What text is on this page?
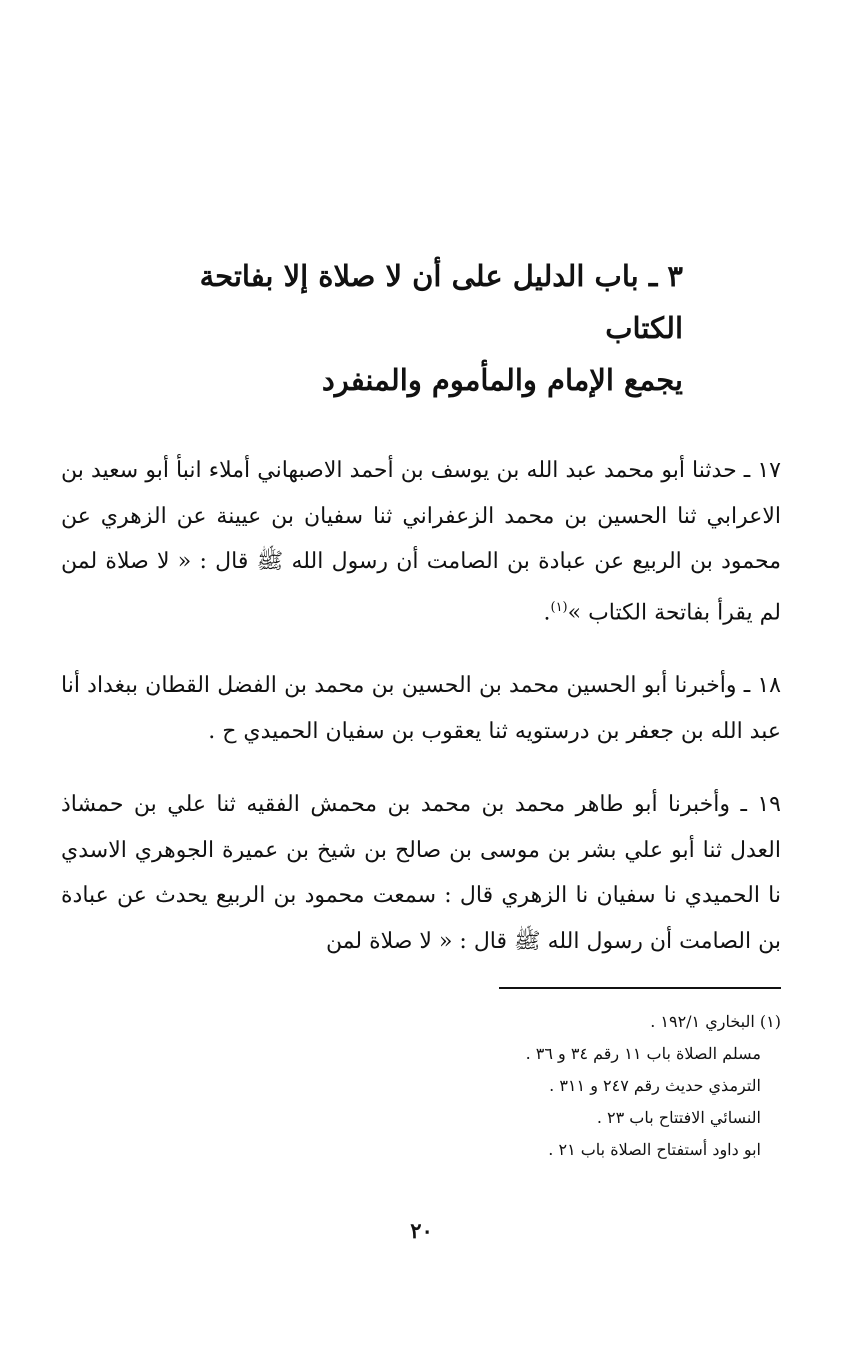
٣ ـ باب الدليل على أن لا صلاة إلا بفاتحة الكتاب
يجمع الإمام والمأموم والمنفرد

١٧ ـ حدثنا أبو محمد عبد الله بن يوسف بن أحمد الاصبهاني أملاء انبأ أبو سعيد بن الاعرابي ثنا الحسين بن محمد الزعفراني ثنا سفيان بن عيينة عن الزهري عن محمود بن الربيع عن عبادة بن الصامت أن رسول الله ﷺ قال : « لا صلاة لمن لم يقرأ بفاتحة الكتاب »$^{(١)}$.

١٨ ـ وأخبرنا أبو الحسين محمد بن الحسين بن محمد بن الفضل القطان ببغداد أنا عبد الله بن جعفر بن درستويه ثنا يعقوب بن سفيان الحميدي ح .

١٩ ـ وأخبرنا أبو طاهر محمد بن محمد بن محمش الفقيه ثنا علي بن حمشاذ العدل ثنا أبو علي بشر بن موسى بن صالح بن شيخ بن عميرة الجوهري الاسدي نا الحميدي نا سفيان نا الزهري قال : سمعت محمود بن الربيع يحدث عن عبادة بن الصامت أن رسول الله ﷺ قال : « لا صلاة لمن

(١) البخاري ١٩٢/١ .
مسلم الصلاة باب ١١ رقم ٣٤ و ٣٦ .
الترمذي حديث رقم ٢٤٧ و ٣١١ .
النسائي الافتتاح باب ٢٣ .
ابو داود أستفتاح الصلاة باب ٢١ .
٢٠
